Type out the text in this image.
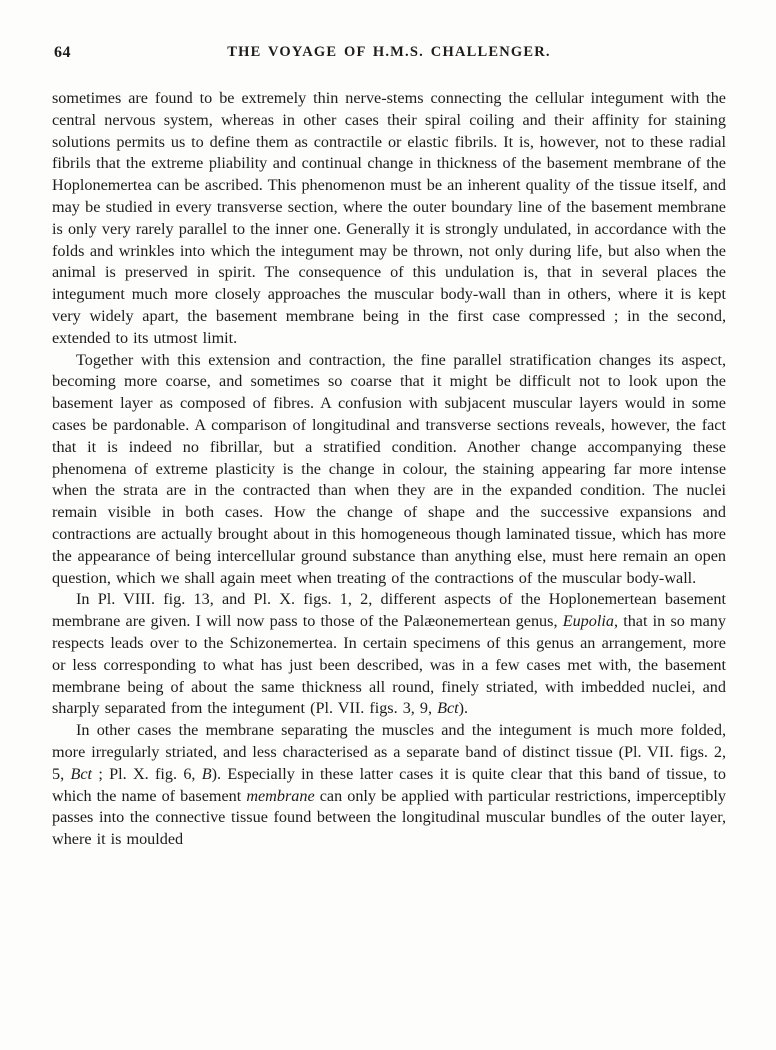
64	THE VOYAGE OF H.M.S. CHALLENGER.

sometimes are found to be extremely thin nerve-stems connecting the cellular integument with the central nervous system, whereas in other cases their spiral coiling and their affinity for staining solutions permits us to define them as contractile or elastic fibrils. It is, however, not to these radial fibrils that the extreme pliability and continual change in thickness of the basement membrane of the Hoplonemertea can be ascribed. This phenomenon must be an inherent quality of the tissue itself, and may be studied in every transverse section, where the outer boundary line of the basement membrane is only very rarely parallel to the inner one. Generally it is strongly undulated, in accordance with the folds and wrinkles into which the integument may be thrown, not only during life, but also when the animal is preserved in spirit. The consequence of this undulation is, that in several places the integument much more closely approaches the muscular body-wall than in others, where it is kept very widely apart, the basement membrane being in the first case compressed ; in the second, extended to its utmost limit.

Together with this extension and contraction, the fine parallel stratification changes its aspect, becoming more coarse, and sometimes so coarse that it might be difficult not to look upon the basement layer as composed of fibres. A confusion with subjacent muscular layers would in some cases be pardonable. A comparison of longitudinal and transverse sections reveals, however, the fact that it is indeed no fibrillar, but a stratified condition. Another change accompanying these phenomena of extreme plasticity is the change in colour, the staining appearing far more intense when the strata are in the contracted than when they are in the expanded condition. The nuclei remain visible in both cases. How the change of shape and the successive expansions and contractions are actually brought about in this homogeneous though laminated tissue, which has more the appearance of being intercellular ground substance than anything else, must here remain an open question, which we shall again meet when treating of the contractions of the muscular body-wall.

In Pl. VIII. fig. 13, and Pl. X. figs. 1, 2, different aspects of the Hoplonemertean basement membrane are given. I will now pass to those of the Palæonemertean genus, Eupolia, that in so many respects leads over to the Schizonemertea. In certain specimens of this genus an arrangement, more or less corresponding to what has just been described, was in a few cases met with, the basement membrane being of about the same thickness all round, finely striated, with imbedded nuclei, and sharply separated from the integument (Pl. VII. figs. 3, 9, Bct).

In other cases the membrane separating the muscles and the integument is much more folded, more irregularly striated, and less characterised as a separate band of distinct tissue (Pl. VII. figs. 2, 5, Bct ; Pl. X. fig. 6, B). Especially in these latter cases it is quite clear that this band of tissue, to which the name of basement membrane can only be applied with particular restrictions, imperceptibly passes into the connective tissue found between the longitudinal muscular bundles of the outer layer, where it is moulded
